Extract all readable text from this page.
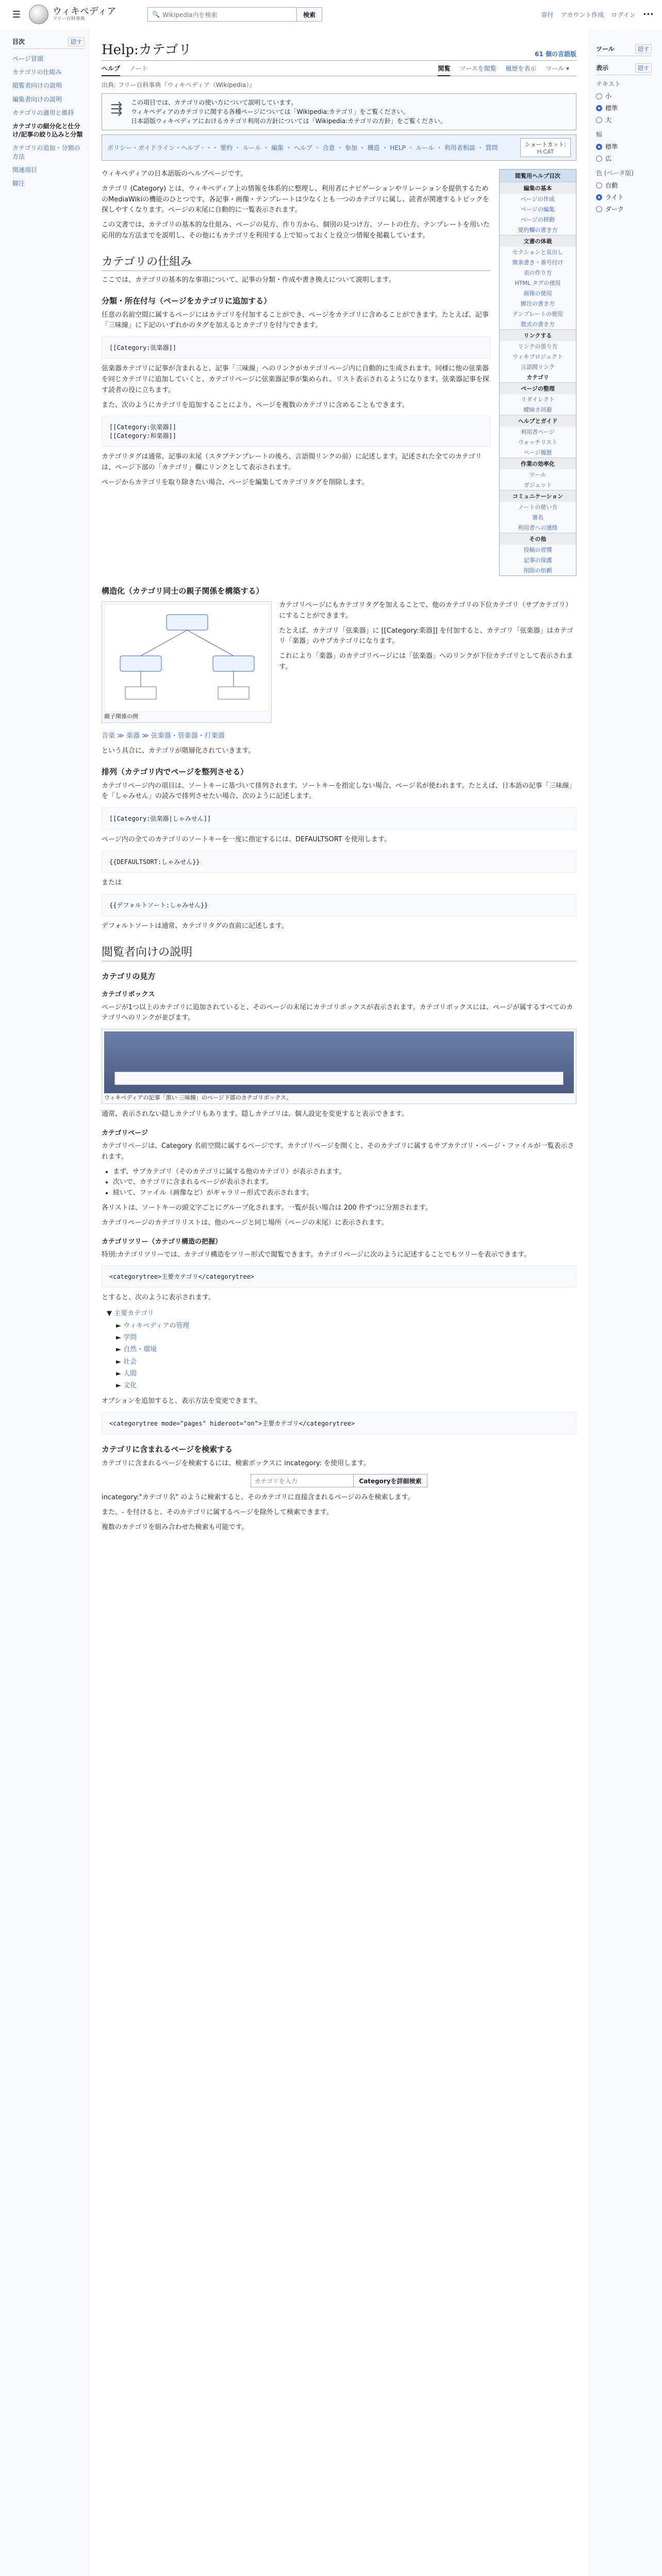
☰	ウィキペディア
フリー百科事典
🔍 Wikipedia内を検索	検索	寄付 アカウント作成 ログイン •••
目次	隠す
ページ冒頭
カテゴリの仕組み
閲覧者向けの説明
編集者向けの説明
カテゴリの適用と維持
カテゴリの細分化と仕分け/記事の絞り込みと分類
カテゴリの追加・分割の方法
関連項目
脚注
Help:カテゴリ	61 個の言語版
ヘルプ ノート	閲覧 ソースを閲覧 履歴を表示 ツール ▾
出典: フリー百科事典『ウィキペディア（Wikipedia）』
⇶	この項目では、カテゴリの使い方について説明しています。
ウィキペディアのカテゴリに関する各種ページについては「Wikipedia:カテゴリ」をご覧ください。
日本語版ウィキペディアにおけるカテゴリ利用の方針については「Wikipedia:カテゴリの方針」をご覧ください。
ポリシー・ガイドライン・ヘルプ・・・ 要約 ・ ルール ・ 編集 ・ ヘルプ ・ 合意 ・ 参加 ・ 構造 ・ HELP ・ ルール ・ 利用者相談 ・ 質問	ショートカット:
H:CAT

ウィキペディアの日本語版のヘルプページです。

カテゴリ (Category) とは、ウィキペディア上の情報を体系的に整理し、利用者にナビゲーションやリレーションを提供するためのMediaWikiの機能のひとつです。各記事・画像・テンプレートは少なくとも一つのカテゴリに属し、読者が関連するトピックを探しやすくなります。ページの末尾に自動的に一覧表示されます。

この文書では、カテゴリの基本的な仕組み、ページの見方、作り方から、個別の見つけ方、ソートの仕方、テンプレートを用いた応用的な方法までを説明し、その他にもカテゴリを利用する上で知っておくと役立つ情報を掲載しています。

カテゴリの仕組み

ここでは、カテゴリの基本的な事項について、記事の分類・作成や書き換えについて説明します。

分類・所在付与（ページをカテゴリに追加する）

任意の名前空間に属するページにはカテゴリを付加することができ、ページをカテゴリに含めることができます。たとえば、記事「三味線」に下記のいずれかのタグを加えるとカテゴリを付与できます。

[[Category:弦楽器]]

弦楽器カテゴリに記事が含まれると、記事「三味線」へのリンクがカテゴリページ内に自動的に生成されます。同様に他の弦楽器を同じカテゴリに追加していくと、カテゴリページに弦楽器記事が集められ、リスト表示されるようになります。弦楽器記事を探す読者の役に立ちます。

また、次のようにカテゴリを追加することにより、ページを複数のカテゴリに含めることもできます。

[[Category:弦楽器]]
[[Category:和楽器]]

カテゴリタグは通常、記事の末尾（スタブテンプレートの後ろ、言語間リンクの前）に記述します。記述された全てのカテゴリは、ページ下部の「カテゴリ」欄にリンクとして表示されます。

ページからカテゴリを取り除きたい場合、ページを編集してカテゴリタグを削除します。

閲覧用ヘルプ目次
編集の基本
ページの作成
ページの編集
ページの移動
要約欄の書き方
文書の体裁
セクションと見出し
箇条書き・番号付け
表の作り方
HTML タグの使用
画像の使用
脚注の書き方
テンプレートの使用
数式の書き方
リンクする
リンクの張り方
ウィキプロジェクト
言語間リンク
カテゴリ
ページの整理
リダイレクト
曖昧さ回避
ヘルプとガイド
利用者ページ
ウォッチリスト
ページ履歴
作業の効率化
ツール
ガジェット
コミュニケーション
ノートの使い方
署名
利用者への連絡
その他
投稿の習慣
記事の保護
削除の依頼
構造化（カテゴリ同士の親子関係を構築する）
親子関係の例

カテゴリページにもカテゴリタグを加えることで、他のカテゴリの下位カテゴリ（サブカテゴリ）にすることができます。

たとえば、カテゴリ「弦楽器」に [[Category:楽器]] を付加すると、カテゴリ「弦楽器」はカテゴリ「楽器」のサブカテゴリになります。

これにより「楽器」のカテゴリページには「弦楽器」へのリンクが下位カテゴリとして表示されます。

音楽 ≫ 楽器 ≫ 弦楽器・管楽器・打楽器

という具合に、カテゴリが階層化されていきます。

排列（カテゴリ内でページを整列させる）

カテゴリページ内の項目は、ソートキーに基づいて排列されます。ソートキーを指定しない場合、ページ名が使われます。たとえば、日本語の記事「三味線」を「しゃみせん」の読みで排列させたい場合、次のように記述します。

[[Category:弦楽器|しゃみせん]]

ページ内の全てのカテゴリのソートキーを一度に指定するには、DEFAULTSORT を使用します。

{{DEFAULTSORT:しゃみせん}}

または

{{デフォルトソート:しゃみせん}}

デフォルトソートは通常、カテゴリタグの直前に記述します。

閲覧者向けの説明
カテゴリの見方
カテゴリボックス

ページが1つ以上のカテゴリに追加されていると、そのページの末尾にカテゴリボックスが表示されます。カテゴリボックスには、ページが属するすべてのカテゴリへのリンクが並びます。

ウィキペディアの記事「黒い 三味線」のページ下部のカテゴリボックス。

通常、表示されない隠しカテゴリもあります。隠しカテゴリは、個人設定を変更すると表示できます。

カテゴリページ

カテゴリページは、Category 名前空間に属するページです。カテゴリページを開くと、そのカテゴリに属するサブカテゴリ・ページ・ファイルが一覧表示されます。

• まず、サブカテゴリ（そのカテゴリに属する他のカテゴリ）が表示されます。
• 次いで、カテゴリに含まれるページが表示されます。
• 続いて、ファイル（画像など）がギャラリー形式で表示されます。

各リストは、ソートキーの頭文字ごとにグループ化されます。一覧が長い場合は 200 件ずつに分割されます。

カテゴリページのカテゴリリストは、他のページと同じ場所（ページの末尾）に表示されます。

カテゴリツリー（カテゴリ構造の把握）

特別:カテゴリツリーでは、カテゴリ構造をツリー形式で閲覧できます。カテゴリページに次のように記述することでもツリーを表示できます。

<categorytree>主要カテゴリ</categorytree>

とすると、次のように表示されます。

▼ 主要カテゴリ
► ウィキペディアの管理
► 学問
► 自然・環境
► 社会
► 人間
► 文化

オプションを追加すると、表示方法を変更できます。

<categorytree mode="pages" hideroot="on">主要カテゴリ</categorytree>
カテゴリに含まれるページを検索する

カテゴリに含まれるページを検索するには、検索ボックスに incategory: を使用します。

カテゴリを入力	Categoryを詳細検索

incategory:"カテゴリ名" のように検索すると、そのカテゴリに直接含まれるページのみを検索します。

また、- を付けると、そのカテゴリに属するページを除外して検索できます。

複数のカテゴリを組み合わせた検索も可能です。

ツール	隠す
表示	隠す
テキスト
小
標準
大
幅
標準
広
色 (ベータ版)
自動
ライト
ダーク
